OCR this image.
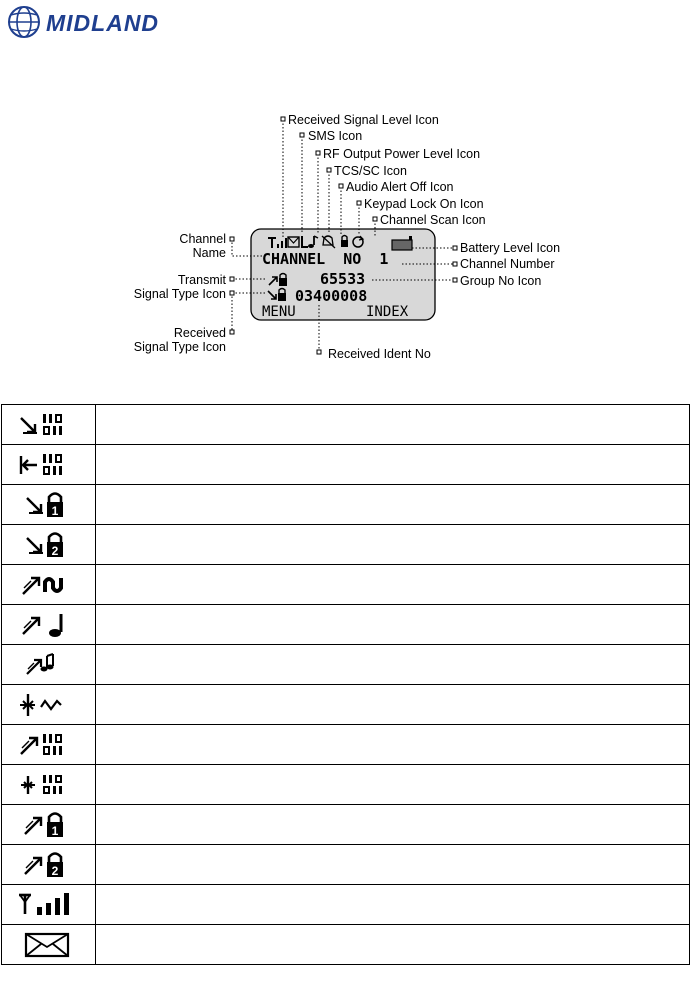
MIDLAND
CHANNEL  NO  1
65533
03400008
MENU	INDEX
Received Signal Level Icon
SMS Icon
RF Output Power Level Icon
TCS/SC Icon
Audio Alert Off Icon
Keypad Lock On Icon
Channel Scan Icon
Battery Level Icon
Channel Number
Group No Icon
Channel
Name
Transmit
Signal Type Icon
Received
Signal Type Icon	Received Ident No

1	

2	

1	

2	
